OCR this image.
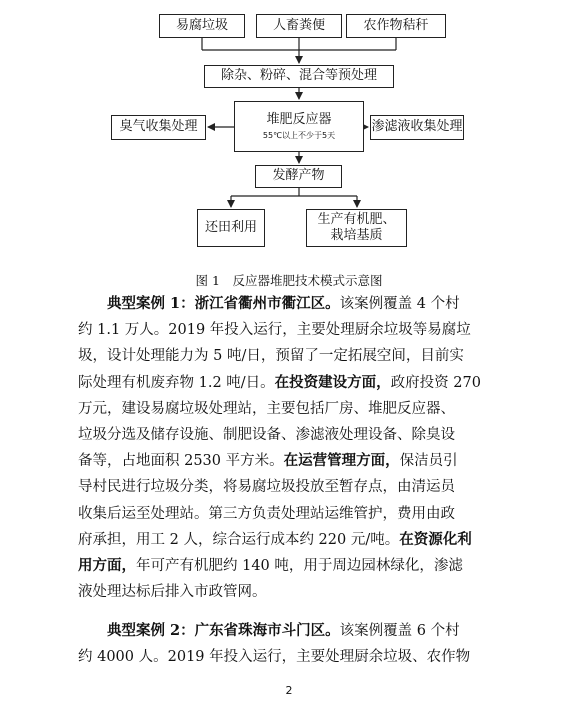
易腐垃圾	人畜粪便	农作物秸秆
除杂、粉碎、混合等预处理
堆肥反应器
55℃以上不少于5天
臭气收集处理	渗滤液收集处理
发酵产物
还田利用
生产有机肥、
栽培基质
图 1　反应器堆肥技术模式示意图
典型案例 1：浙江省衢州市衢江区。该案例覆盖 4 个村
约 1.1 万人。2019 年投入运行，主要处理厨余垃圾等易腐垃
圾，设计处理能力为 5 吨/日，预留了一定拓展空间，目前实
际处理有机废弃物 1.2 吨/日。在投资建设方面，政府投资 270
万元，建设易腐垃圾处理站，主要包括厂房、堆肥反应器、
垃圾分选及储存设施、制肥设备、渗滤液处理设备、除臭设
备等，占地面积 2530 平方米。在运营管理方面，保洁员引
导村民进行垃圾分类，将易腐垃圾投放至暂存点，由清运员
收集后运至处理站。第三方负责处理站运维管护，费用由政
府承担，用工 2 人，综合运行成本约 220 元/吨。在资源化利
用方面，年可产有机肥约 140 吨，用于周边园林绿化，渗滤
液处理达标后排入市政管网。
典型案例 2：广东省珠海市斗门区。该案例覆盖 6 个村
约 4000 人。2019 年投入运行，主要处理厨余垃圾、农作物
2
